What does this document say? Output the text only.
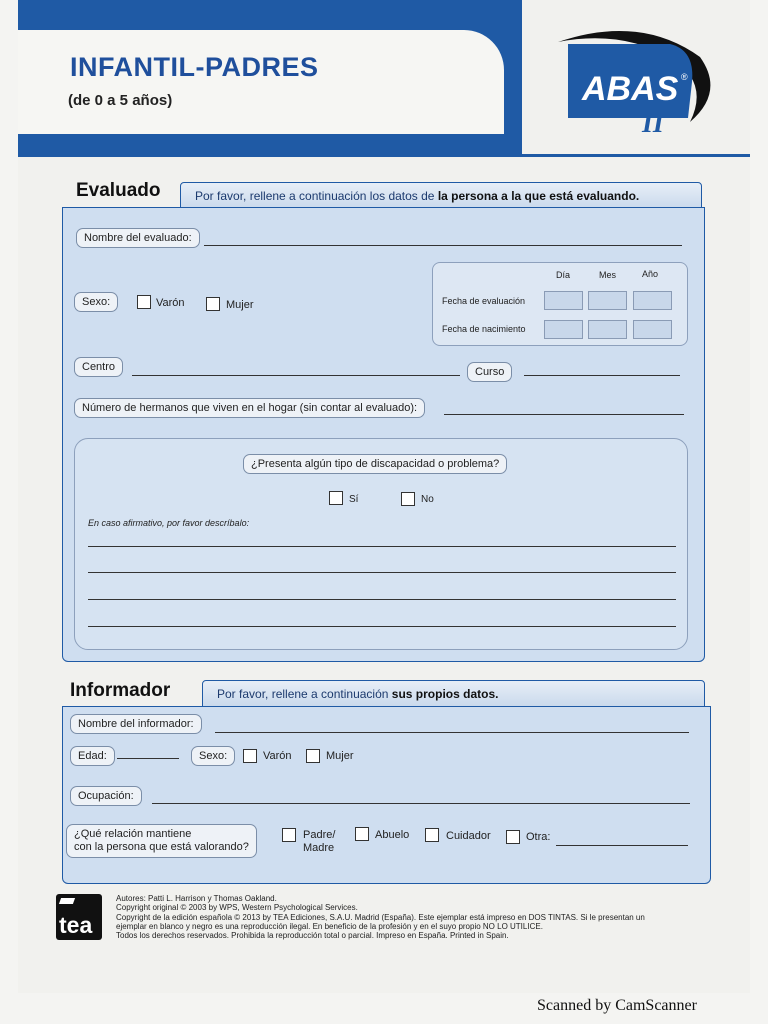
INFANTIL-PADRES
(de 0 a 5 años)	ABAS ®
II
Evaluado	Por favor, rellene a continuación los datos de la persona a la que está evaluando.
Nombre del evaluado:
Sexo:	Varón	Mujer
Día	Mes	Año
Fecha de evaluación
Fecha de nacimiento
Centro	Curso
Número de hermanos que viven en el hogar (sin contar al evaluado):
¿Presenta algún tipo de discapacidad o problema?
Sí	No
En caso afirmativo, por favor descríbalo:
Informador	Por favor, rellene a continuación sus propios datos.
Nombre del informador:
Edad:	Sexo:	Varón	Mujer
Ocupación:
¿Qué relación mantiene
con la persona que está valorando?
Padre/
Madre
Abuelo	Cuidador	Otra:
tea
Autores: Patti L. Harrison y Thomas Oakland.
Copyright original © 2003 by WPS, Western Psychological Services.
Copyright de la edición española © 2013 by TEA Ediciones, S.A.U. Madrid (España). Este ejemplar está impreso en DOS TINTAS. Si le presentan un
ejemplar en blanco y negro es una reproducción ilegal. En beneficio de la profesión y en el suyo propio NO LO UTILICE.
Todos los derechos reservados. Prohibida la reproducción total o parcial. Impreso en España. Printed in Spain.
Scanned by CamScanner
